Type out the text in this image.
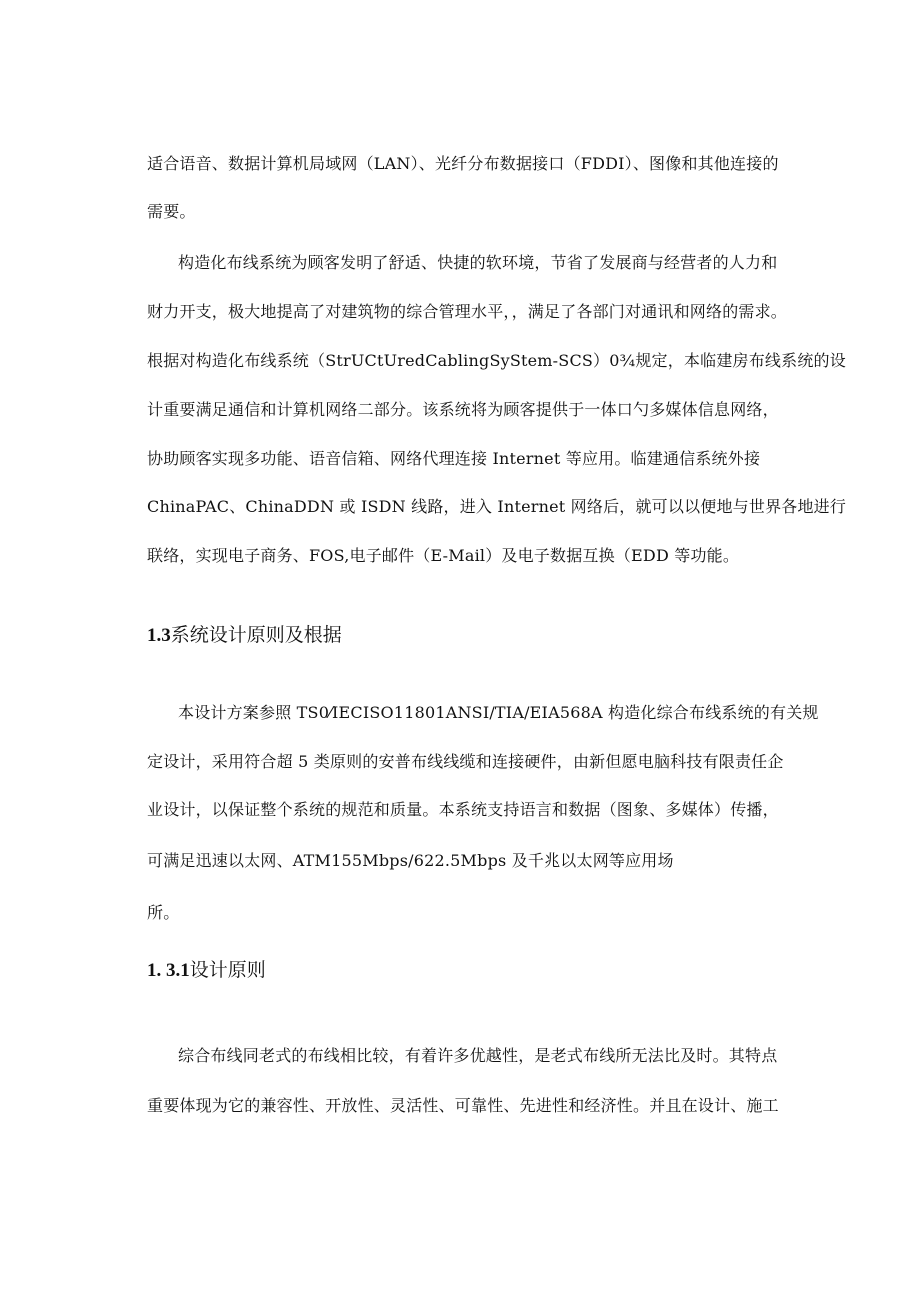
适合语音、数据计算机局域网（LAN）、光纤分布数据接口（FDDI）、图像和其他连接的
需要。
构造化布线系统为顾客发明了舒适、快捷的软环境，节省了发展商与经营者的人力和
财力开支，极大地提高了对建筑物的综合管理水平，，满足了各部门对通讯和网络的需求。
根据对构造化布线系统（StrUCtUredCablingSyStem-SCS）0¾规定，本临建房布线系统的设
计重要满足通信和计算机网络二部分。该系统将为顾客提供于一体口勺多媒体信息网络，
协助顾客实现多功能、语音信箱、网络代理连接 Internet 等应用。临建通信系统外接
ChinaPAC、ChinaDDN 或 ISDN 线路，进入 Internet 网络后，就可以以便地与世界各地进行
联络，实现电子商务、FOS,电子邮件（E-Mail）及电子数据互换（EDD 等功能。
1.3系统设计原则及根据
本设计方案参照 TS0⁄IECISO11801ANSI/TIA/EIA568A 构造化综合布线系统的有关规
定设计，采用符合超 5 类原则的安普布线线缆和连接硬件，由新但愿电脑科技有限责任企
业设计，以保证整个系统的规范和质量。本系统支持语言和数据（图象、多媒体）传播，
可满足迅速以太网、ATM155Mbps/622.5Mbps 及千兆以太网等应用场
所。
1. 3.1设计原则
综合布线同老式的布线相比较，有着许多优越性，是老式布线所无法比及时。其特点
重要体现为它的兼容性、开放性、灵活性、可靠性、先进性和经济性。并且在设计、施工
